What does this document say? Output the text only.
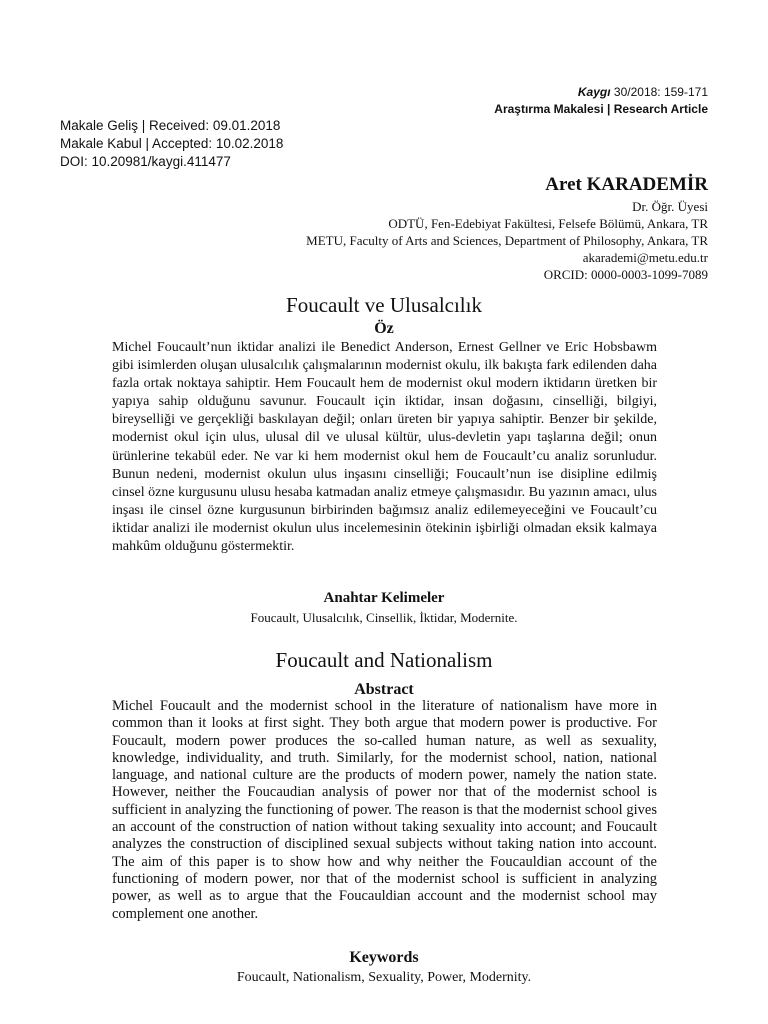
Kaygı 30/2018: 159-171
Araştırma Makalesi | Research Article
Makale Geliş | Received: 09.01.2018
Makale Kabul | Accepted: 10.02.2018
DOI: 10.20981/kaygi.411477
Aret KARADEMİR
Dr. Öğr. Üyesi
ODTÜ, Fen-Edebiyat Fakültesi, Felsefe Bölümü, Ankara, TR
METU, Faculty of Arts and Sciences, Department of Philosophy, Ankara, TR
akarademi@metu.edu.tr
ORCID: 0000-0003-1099-7089
Foucault ve Ulusalcılık
Öz

Michel Foucault’nun iktidar analizi ile Benedict Anderson, Ernest Gellner ve Eric Hobsbawm gibi isimlerden oluşan ulusalcılık çalışmalarının modernist okulu, ilk bakışta fark edilenden daha fazla ortak noktaya sahiptir. Hem Foucault hem de modernist okul modern iktidarın üretken bir yapıya sahip olduğunu savunur. Foucault için iktidar, insan doğasını, cinselliği, bilgiyi, bireyselliği ve gerçekliği baskılayan değil; onları üreten bir yapıya sahiptir. Benzer bir şekilde, modernist okul için ulus, ulusal dil ve ulusal kültür, ulus-devletin yapı taşlarına değil; onun ürünlerine tekabül eder. Ne var ki hem modernist okul hem de Foucault’cu analiz sorunludur. Bunun nedeni, modernist okulun ulus inşasını cinselliği; Foucault’nun ise disipline edilmiş cinsel özne kurgusunu ulusu hesaba katmadan analiz etmeye çalışmasıdır. Bu yazının amacı, ulus inşası ile cinsel özne kurgusunun birbirinden bağımsız analiz edilemeyeceğini ve Foucault’cu iktidar analizi ile modernist okulun ulus incelemesinin ötekinin işbirliği olmadan eksik kalmaya mahkûm olduğunu göstermektir.

Anahtar Kelimeler
Foucault, Ulusalcılık, Cinsellik, İktidar, Modernite.
Foucault and Nationalism
Abstract

Michel Foucault and the modernist school in the literature of nationalism have more in common than it looks at first sight. They both argue that modern power is productive. For Foucault, modern power produces the so-called human nature, as well as sexuality, knowledge, individuality, and truth. Similarly, for the modernist school, nation, national language, and national culture are the products of modern power, namely the nation state. However, neither the Foucaudian analysis of power nor that of the modernist school is sufficient in analyzing the functioning of power. The reason is that the modernist school gives an account of the construction of nation without taking sexuality into account; and Foucault analyzes the construction of disciplined sexual subjects without taking nation into account. The aim of this paper is to show how and why neither the Foucauldian account of the functioning of modern power, nor that of the modernist school is sufficient in analyzing power, as well as to argue that the Foucauldian account and the modernist school may complement one another.

Keywords
Foucault, Nationalism, Sexuality, Power, Modernity.
